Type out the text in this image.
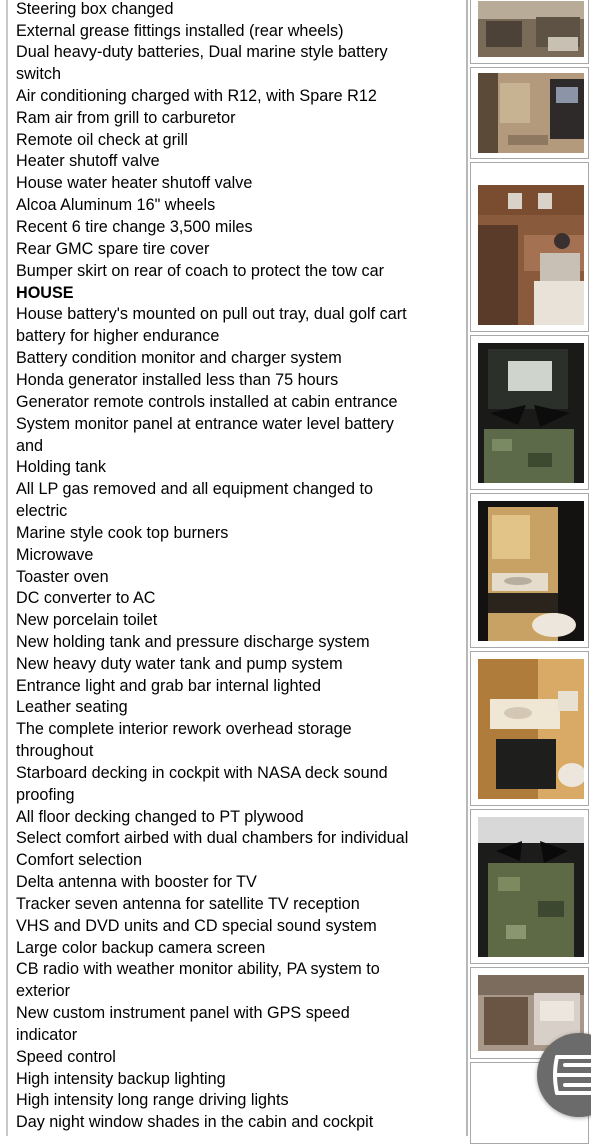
Steering box changed
External grease fittings installed (rear wheels)
Dual heavy-duty batteries, Dual marine style battery
switch
Air conditioning charged with R12, with Spare R12
Ram air from grill to carburetor
Remote oil check at grill
Heater shutoff valve
House water heater shutoff valve
Alcoa Aluminum 16" wheels
Recent 6 tire change 3,500 miles
Rear GMC spare tire cover
Bumper skirt on rear of coach to protect the tow car
HOUSE
House battery's mounted on pull out tray, dual golf cart
battery for higher endurance
Battery condition monitor and charger system
Honda generator installed less than 75 hours
Generator remote controls installed at cabin entrance
System monitor panel at entrance water level battery
and
Holding tank
All LP gas removed and all equipment changed to
electric
Marine style cook top burners
Microwave
Toaster oven
DC converter to AC
New porcelain toilet
New holding tank and pressure discharge system
New heavy duty water tank and pump system
Entrance light and grab bar internal lighted
Leather seating
The complete interior rework overhead storage
throughout
Starboard decking in cockpit with NASA deck sound
proofing
All floor decking changed to PT plywood
Select comfort airbed with dual chambers for individual
Comfort selection
Delta antenna with booster for TV
Tracker seven antenna for satellite TV reception
VHS and DVD units and CD special sound system
Large color backup camera screen
CB radio with weather monitor ability, PA system to
exterior
New custom instrument panel with GPS speed
indicator
Speed control
High intensity backup lighting
High intensity long range driving lights
Day night window shades in the cabin and cockpit
